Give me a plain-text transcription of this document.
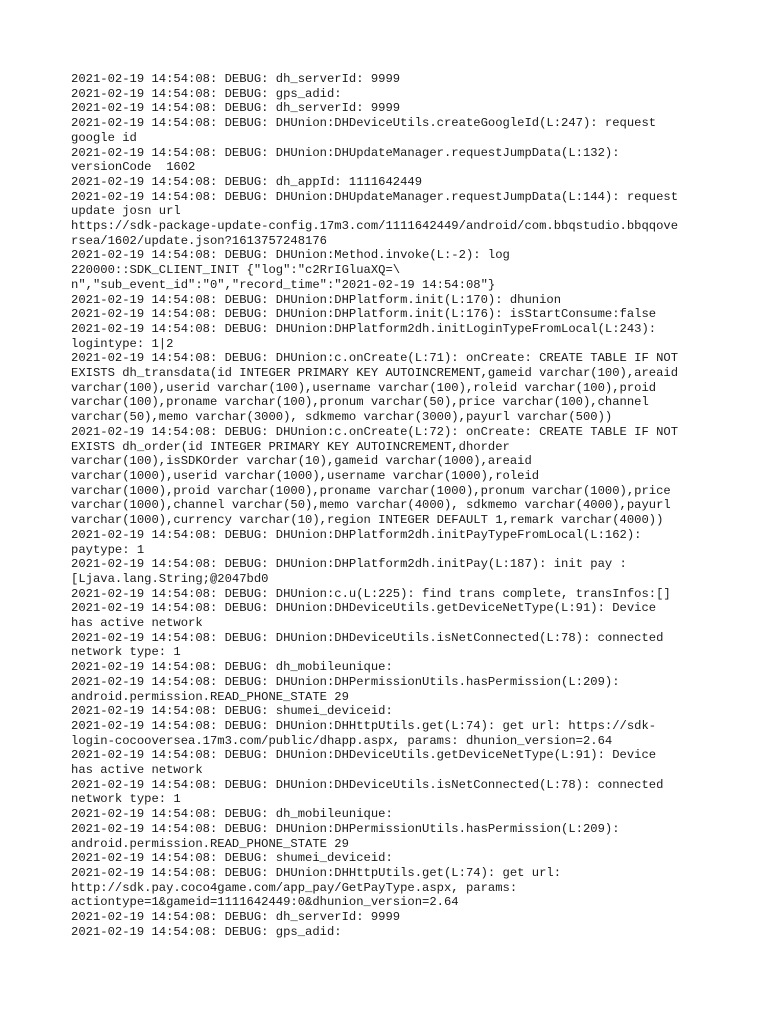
2021-02-19 14:54:08: DEBUG: dh_serverId: 9999
2021-02-19 14:54:08: DEBUG: gps_adid:
2021-02-19 14:54:08: DEBUG: dh_serverId: 9999
2021-02-19 14:54:08: DEBUG: DHUnion:DHDeviceUtils.createGoogleId(L:247): request
google id
2021-02-19 14:54:08: DEBUG: DHUnion:DHUpdateManager.requestJumpData(L:132):
versionCode  1602
2021-02-19 14:54:08: DEBUG: dh_appId: 1111642449
2021-02-19 14:54:08: DEBUG: DHUnion:DHUpdateManager.requestJumpData(L:144): request
update josn url
https://sdk-package-update-config.17m3.com/1111642449/android/com.bbqstudio.bbqqove
rsea/1602/update.json?1613757248176
2021-02-19 14:54:08: DEBUG: DHUnion:Method.invoke(L:-2): log
220000::SDK_CLIENT_INIT {"log":"c2RrIGluaXQ=\
n","sub_event_id":"0","record_time":"2021-02-19 14:54:08"}
2021-02-19 14:54:08: DEBUG: DHUnion:DHPlatform.init(L:170): dhunion
2021-02-19 14:54:08: DEBUG: DHUnion:DHPlatform.init(L:176): isStartConsume:false
2021-02-19 14:54:08: DEBUG: DHUnion:DHPlatform2dh.initLoginTypeFromLocal(L:243):
logintype: 1|2
2021-02-19 14:54:08: DEBUG: DHUnion:c.onCreate(L:71): onCreate: CREATE TABLE IF NOT
EXISTS dh_transdata(id INTEGER PRIMARY KEY AUTOINCREMENT,gameid varchar(100),areaid
varchar(100),userid varchar(100),username varchar(100),roleid varchar(100),proid
varchar(100),proname varchar(100),pronum varchar(50),price varchar(100),channel
varchar(50),memo varchar(3000), sdkmemo varchar(3000),payurl varchar(500))
2021-02-19 14:54:08: DEBUG: DHUnion:c.onCreate(L:72): onCreate: CREATE TABLE IF NOT
EXISTS dh_order(id INTEGER PRIMARY KEY AUTOINCREMENT,dhorder
varchar(100),isSDKOrder varchar(10),gameid varchar(1000),areaid
varchar(1000),userid varchar(1000),username varchar(1000),roleid
varchar(1000),proid varchar(1000),proname varchar(1000),pronum varchar(1000),price
varchar(1000),channel varchar(50),memo varchar(4000), sdkmemo varchar(4000),payurl
varchar(1000),currency varchar(10),region INTEGER DEFAULT 1,remark varchar(4000))
2021-02-19 14:54:08: DEBUG: DHUnion:DHPlatform2dh.initPayTypeFromLocal(L:162):
paytype: 1
2021-02-19 14:54:08: DEBUG: DHUnion:DHPlatform2dh.initPay(L:187): init pay :
[Ljava.lang.String;@2047bd0
2021-02-19 14:54:08: DEBUG: DHUnion:c.u(L:225): find trans complete, transInfos:[]
2021-02-19 14:54:08: DEBUG: DHUnion:DHDeviceUtils.getDeviceNetType(L:91): Device
has active network
2021-02-19 14:54:08: DEBUG: DHUnion:DHDeviceUtils.isNetConnected(L:78): connected
network type: 1
2021-02-19 14:54:08: DEBUG: dh_mobileunique:
2021-02-19 14:54:08: DEBUG: DHUnion:DHPermissionUtils.hasPermission(L:209):
android.permission.READ_PHONE_STATE 29
2021-02-19 14:54:08: DEBUG: shumei_deviceid:
2021-02-19 14:54:08: DEBUG: DHUnion:DHHttpUtils.get(L:74): get url: https://sdk-
login-cocooversea.17m3.com/public/dhapp.aspx, params: dhunion_version=2.64
2021-02-19 14:54:08: DEBUG: DHUnion:DHDeviceUtils.getDeviceNetType(L:91): Device
has active network
2021-02-19 14:54:08: DEBUG: DHUnion:DHDeviceUtils.isNetConnected(L:78): connected
network type: 1
2021-02-19 14:54:08: DEBUG: dh_mobileunique:
2021-02-19 14:54:08: DEBUG: DHUnion:DHPermissionUtils.hasPermission(L:209):
android.permission.READ_PHONE_STATE 29
2021-02-19 14:54:08: DEBUG: shumei_deviceid:
2021-02-19 14:54:08: DEBUG: DHUnion:DHHttpUtils.get(L:74): get url:
http://sdk.pay.coco4game.com/app_pay/GetPayType.aspx, params:
actiontype=1&gameid=1111642449:0&dhunion_version=2.64
2021-02-19 14:54:08: DEBUG: dh_serverId: 9999
2021-02-19 14:54:08: DEBUG: gps_adid:
